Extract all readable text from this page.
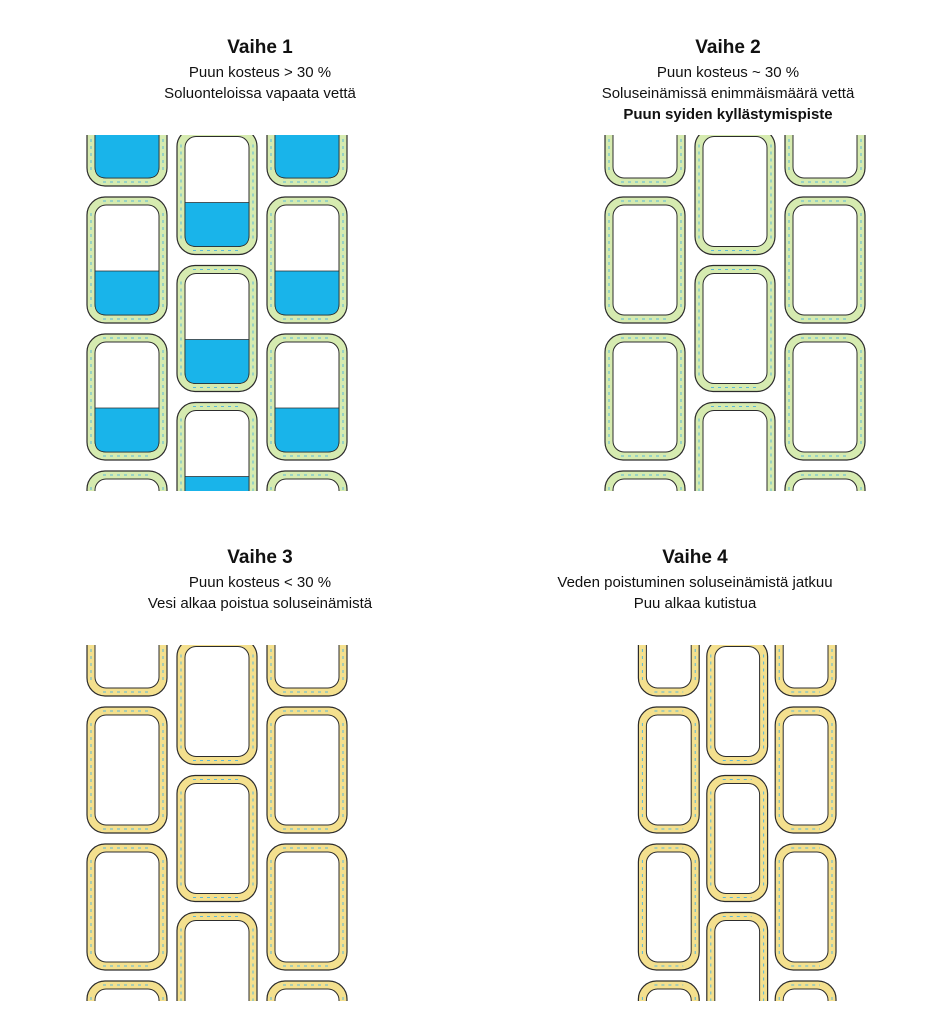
Vaihe 1
Puun kosteus > 30 %
Soluonteloissa vapaata vettä
Vaihe 2
Puun kosteus ~ 30 %
Soluseinämissä enimmäismäärä vettä
Puun syiden kyllästymispiste
Vaihe 3
Puun kosteus < 30 %
Vesi alkaa poistua soluseinämistä
Vaihe 4
Veden poistuminen soluseinämistä jatkuu
Puu alkaa kutistua
